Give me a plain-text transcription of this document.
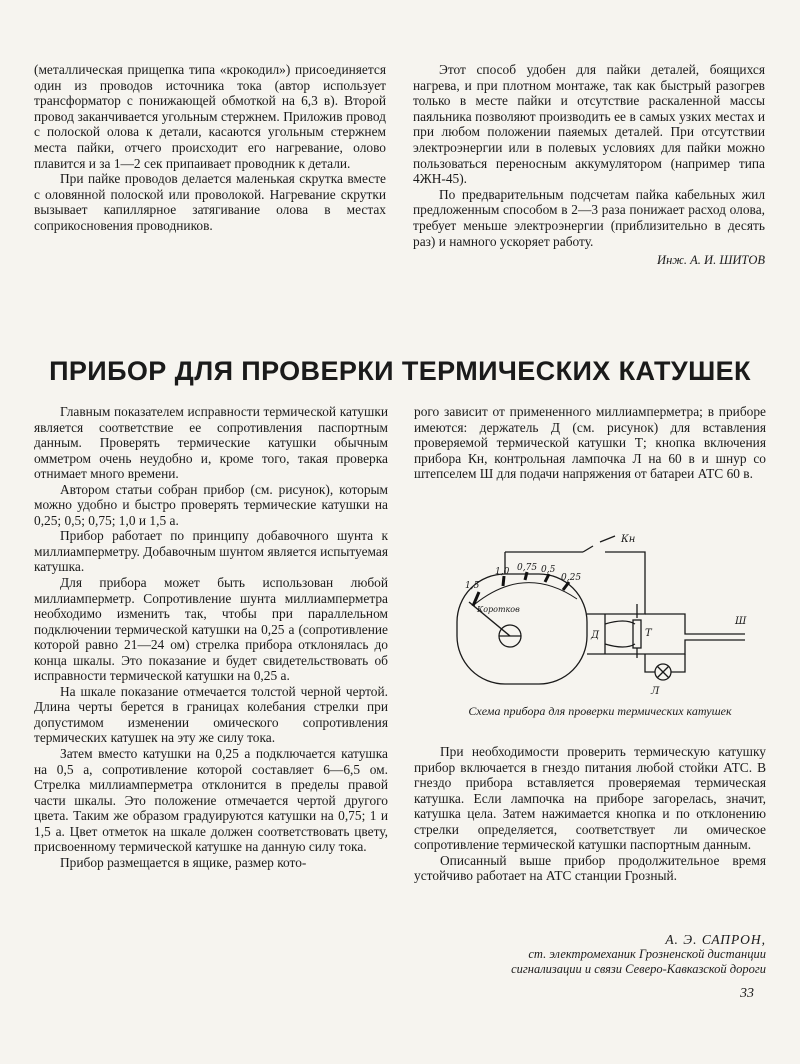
(металлическая прищепка типа «крокодил») присоединяется один из проводов источника тока (автор использует трансформатор с понижающей обмоткой на 6,3 в). Второй провод заканчивается угольным стержнем. Приложив провод с полоской олова к детали, касаются угольным стержнем места пайки, отчего происходит его нагревание, олово плавится и за 1—2 сек припаивает проводник к детали.

При пайке проводов делается маленькая скрутка вместе с оловянной полоской или проволокой. Нагревание скрутки вызывает капиллярное затягивание олова в местах соприкосновения проводников.

Этот способ удобен для пайки деталей, боящихся нагрева, и при плотном монтаже, так как быстрый разогрев только в месте пайки и отсутствие раскаленной массы паяльника позволяют производить ее в самых узких местах и при любом положении паяемых деталей. При отсутствии электроэнергии или в полевых условиях для пайки можно пользоваться переносным аккумулятором (например типа 4ЖН-45).

По предварительным подсчетам пайка кабельных жил предложенным способом в 2—3 раза понижает расход олова, требует меньше электроэнергии (приблизительно в десять раз) и намного ускоряет работу.

Инж. А. И. ШИТОВ

ПРИБОР ДЛЯ ПРОВЕРКИ ТЕРМИЧЕСКИХ КАТУШЕК

Главным показателем исправности термической катушки является соответствие ее сопротивления паспортным данным. Проверять термические катушки обычным омметром очень неудобно и, кроме того, такая проверка отнимает много времени.

Автором статьи собран прибор (см. рисунок), которым можно удобно и быстро проверять термические катушки на 0,25; 0,5; 0,75; 1,0 и 1,5 а.

Прибор работает по принципу добавочного шунта к миллиамперметру. Добавочным шунтом является испытуемая катушка.

Для прибора может быть использован любой миллиамперметр. Сопротивление шунта миллиамперметра необходимо изменить так, чтобы при параллельном подключении термической катушки на 0,25 а (сопротивление которой равно 21—24 ом) стрелка прибора отклонялась до конца шкалы. Это показание и будет свидетельствовать об исправности термической катушки на 0,25 а.

На шкале показание отмечается толстой черной чертой. Длина черты берется в границах колебания стрелки при допустимом изменении омического сопротивления термических катушек на эту же силу тока.

Затем вместо катушки на 0,25 а подключается катушка на 0,5 а, сопротивление которой составляет 6—6,5 ом. Стрелка миллиамперметра отклонится в пределы правой части шкалы. Это положение отмечается чертой другого цвета. Таким же образом градуируются катушки на 0,75; 1 и 1,5 а. Цвет отметок на шкале должен соответствовать цвету, присвоенному термической катушке на данную силу тока.

Прибор размещается в ящике, размер кото-

рого зависит от примененного миллиамперметра; в приборе имеются: держатель Д (см. рисунок) для вставления проверяемой термической катушки Т; кнопка включения прибора Кн, контрольная лампочка Л на 60 в и шнур со штепселем Ш для подачи напряжения от батареи АТС 60 в.

1,5
1,0 0,75 0,5
0,25
Коротков
Кн
Д	Т
Ш
Л
Схема прибора для проверки термических катушек

При необходимости проверить термическую катушку прибор включается в гнездо питания любой стойки АТС. В гнездо прибора вставляется проверяемая термическая катушка. Если лампочка на приборе загорелась, значит, катушка цела. Затем нажимается кнопка и по отклонению стрелки определяется, соответствует ли омическое сопротивление термической катушки паспортным данным.

Описанный выше прибор продолжительное время устойчиво работает на АТС станции Грозный.

А. Э. САПРОН,
ст. электромеханик Грозненской дистанции
сигнализации и связи Северо-Кавказской дороги
33
